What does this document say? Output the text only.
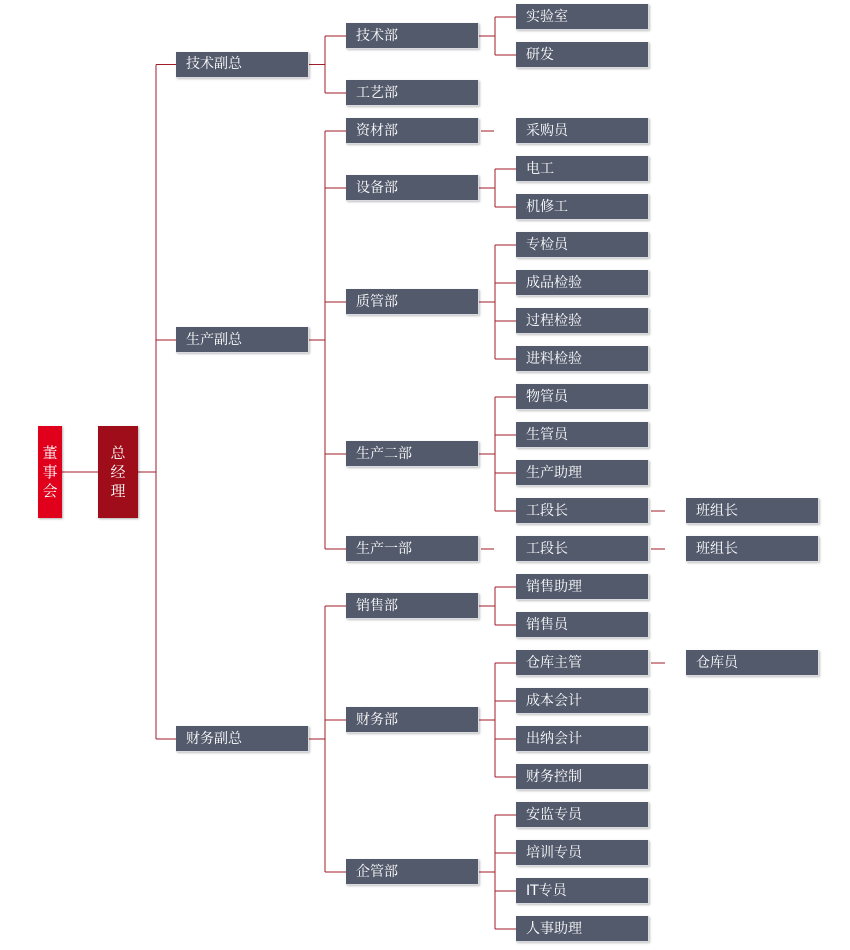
实验室
研发
采购员
电工
机修工
专检员
成品检验
过程检验
进料检验
物管员
生管员
生产助理
工段长	班组长
工段长	班组长
销售助理
销售员
仓库主管	仓库员
成本会计
出纳会计
财务控制
安监专员
培训专员
IT专员
人事助理
技术部
工艺部
资材部
设备部
质管部
生产二部
生产一部
销售部
财务部
企管部
技术副总
生产副总
财务副总
董
事
会
总
经
理
